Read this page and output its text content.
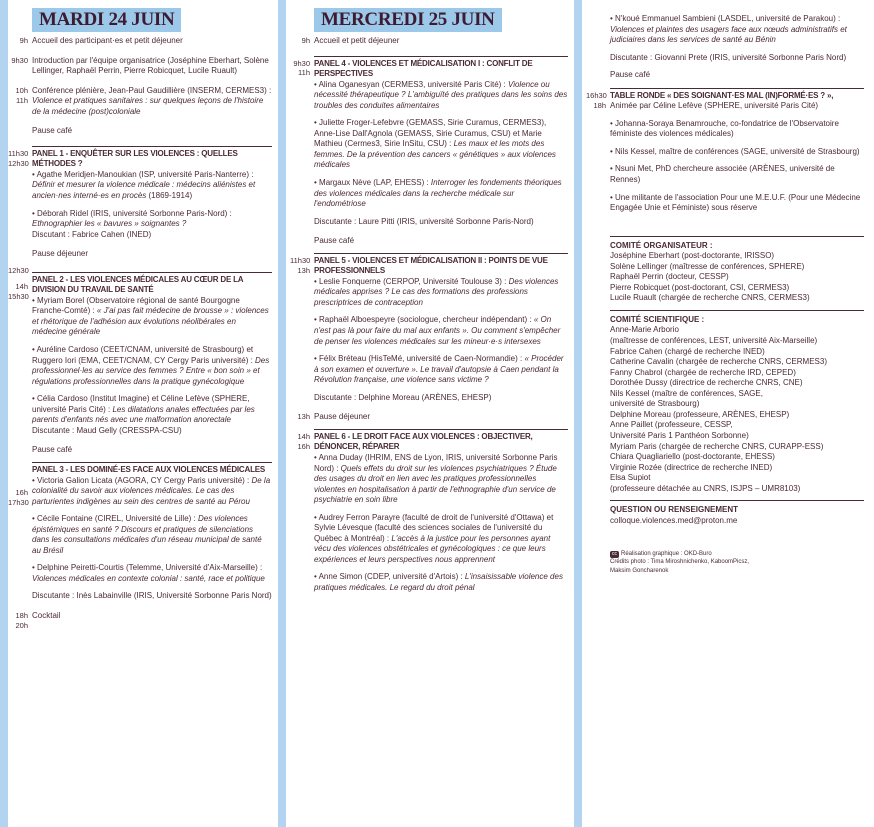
MARDI 24 JUIN
9h Accueil des participant·es et petit déjeuner
9h30 Introduction par l'équipe organisatrice (Joséphine Eberhart, Solène Lellinger, Raphaël Perrin, Pierre Robicquet, Lucile Ruault)
10h
11h
Conférence plénière, Jean-Paul Gaudillière (INSERM, CERMES3) : Violence et pratiques sanitaires : sur quelques leçons de l'histoire de la médecine (post)coloniale
Pause café
11h30
12h30
PANEL 1 - ENQUÊTER SUR LES VIOLENCES : QUELLES MÉTHODES ?
• Agathe Meridjen-Manoukian (ISP, université Paris-Nanterre) : Définir et mesurer la violence médicale : médecins aliénistes et ancien·nes interné·es en procès (1869-1914)
• Déborah Ridel (IRIS, université Sorbonne Paris-Nord) : Ethnographier les « bavures » soignantes ?
Discutant : Fabrice Cahen (INED)
Pause déjeuner
12h30
14h
15h30
PANEL 2 - LES VIOLENCES MÉDICALES AU CŒUR DE LA DIVISION DU TRAVAIL DE SANTÉ
• Myriam Borel (Observatoire régional de santé Bourgogne Franche-Comté) : « J'ai pas fait médecine de brousse » : violences et rhétorique de l'adhésion aux évolutions néolibérales en médecine générale
• Auréline Cardoso (CEET/CNAM, université de Strasbourg) et Ruggero Iori (EMA, CEET/CNAM, CY Cergy Paris université) : Des professionnel·les au service des femmes ? Entre « bon soin » et régulations professionnelles dans la pratique gynécologique
• Célia Cardoso (Institut Imagine) et Céline Lefève (SPHERE, université Paris Cité) : Les dilatations anales effectuées par les parents d'enfants nés avec une malformation anorectale
Discutante : Maud Gelly (CRESSPA-CSU)
Pause café
16h
17h30
PANEL 3 - LES DOMINÉ·ES FACE AUX VIOLENCES MÉDICALES
• Victoria Galion Licata (AGORA, CY Cergy Paris université) : De la colonialité du savoir aux violences médicales. Le cas des parturientes indigènes au sein des centres de santé au Pérou
• Cécile Fontaine (CIREL, Université de Lille) : Des violences épistémiques en santé ? Discours et pratiques de silenciations dans les consultations médicales d'un réseau municipal de santé au Brésil
• Delphine Peiretti-Courtis (Telemme, Université d'Aix-Marseille) : Violences médicales en contexte colonial : santé, race et politique
Discutante : Inès Labainville (IRIS, Université Sorbonne Paris Nord)
18h
20h
Cocktail
MERCREDI 25 JUIN
9h Accueil et petit déjeuner
9h30
11h
PANEL 4 - VIOLENCES ET MÉDICALISATION I : CONFLIT DE PERSPECTIVES
• Alina Oganesyan (CERMES3, université Paris Cité) : Violence ou nécessité thérapeutique ? L'ambiguïté des pratiques dans les soins des troubles des conduites alimentaires
• Juliette Froger-Lefebvre (GEMASS, Sirie Curamus, CERMES3), Anne-Lise Dall'Agnola (GEMASS, Sirie Curamus, CSU) et Marie Mathieu (Cermes3, Sirie InSitu, CSU) : Les maux et les mots des femmes. De la prévention des cancers « génétiques » aux violences médicales
• Margaux Nève (LAP, EHESS) : Interroger les fondements théoriques des violences médicales dans la recherche médicale sur l'endométriose
Discutante : Laure Pitti (IRIS, université Sorbonne Paris-Nord)
Pause café
11h30
13h
PANEL 5 - VIOLENCES ET MÉDICALISATION II : POINTS DE VUE PROFESSIONNELS
• Leslie Fonquerne (CERPOP, Université Toulouse 3) : Des violences médicales apprises ? Le cas des formations des professions prescriptrices de contraception
• Raphaël Alboespeyre (sociologue, chercheur indépendant) : « On n'est pas là pour faire du mal aux enfants ». Ou comment s'empêcher de penser les violences médicales sur les mineur·e·s intersexes
• Félix Bréteau (HisTeMé, université de Caen-Normandie) : « Procéder à son examen et ouverture ». Le travail d'autopsie à Caen pendant la Révolution française, une violence sans victime ?
Discutante : Delphine Moreau (ARÈNES, EHESP)
13h Pause déjeuner
14h
16h
PANEL 6 - LE DROIT FACE AUX VIOLENCES : OBJECTIVER, DÉNONCER, RÉPARER
• Anna Duday (IHRIM, ENS de Lyon, IRIS, université Sorbonne Paris Nord) : Quels effets du droit sur les violences psychiatriques ? Étude des usages du droit en lien avec les pratiques professionnelles violentes en hospitalisation à partir de l'ethnographie d'un service de psychiatrie en soin libre
• Audrey Ferron Parayre (faculté de droit de l'université d'Ottawa) et Sylvie Lévesque (faculté des sciences sociales de l'université du Québec à Montréal) : L'accès à la justice pour les personnes ayant vécu des violences obstétricales et gynécologiques : ce que leurs expériences et leurs perspectives nous apprennent
• Anne Simon (CDEP, université d'Artois) : L'insaisissable violence des pratiques médicales. Le regard du droit pénal
• N'koué Emmanuel Sambieni (LASDEL, université de Parakou) : Violences et plaintes des usagers face aux nœuds administratifs et judiciaires dans les services de santé au Bénin
Discutante : Giovanni Prete (IRIS, université Sorbonne Paris Nord)
Pause café
16h30
18h
TABLE RONDE « DES SOIGNANT·ES MAL (IN)FORMÉ·ES ? »,
Animée par Céline Lefève (SPHERE, université Paris Cité)
• Johanna-Soraya Benamrouche, co-fondatrice de l'Observatoire féministe des violences médicales)
• Nils Kessel, maître de conférences (SAGE, université de Strasbourg)
• Nsuni Met, PhD chercheure associée (ARÈNES, université de Rennes)
• Une militante de l'association Pour une M.E.U.F. (Pour une Médecine Engagée Unie et Féministe) sous réserve
COMITÉ ORGANISATEUR :
Joséphine Eberhart (post-doctorante, IRISSO)
Solène Lellinger (maîtresse de conférences, SPHERE)
Raphaël Perrin (docteur, CESSP)
Pierre Robicquet (post-doctorant, CSI, CERMES3)
Lucile Ruault (chargée de recherche CNRS, CERMES3)
COMITÉ SCIENTIFIQUE :
Anne-Marie Arborio
(maîtresse de conférences, LEST, université Aix-Marseille)
Fabrice Cahen (chargé de recherche INED)
Catherine Cavalin (chargée de recherche CNRS, CERMES3)
Fanny Chabrol (chargée de recherche IRD, CEPED)
Dorothée Dussy (directrice de recherche CNRS, CNE)
Nils Kessel (maître de conférences, SAGE,
université de Strasbourg)
Delphine Moreau (professeure, ARÈNES, EHESP)
Anne Paillet (professeure, CESSP,
Université Paris 1 Panthéon Sorbonne)
Myriam Paris (chargée de recherche CNRS, CURAPP-ESS)
Chiara Quagliariello (post-doctorante, EHESS)
Virginie Rozée (directrice de recherche INED)
Elsa Supiot
(professeure détachée au CNRS, ISJPS – UMR8103)
QUESTION OU RENSEIGNEMENT
colloque.violences.med@proton.me
cc Réalisation graphique : OKD-Buro
Crédits photo : Tima Miroshnichenko, KaboomPicsz,
Maksim Goncharenok
